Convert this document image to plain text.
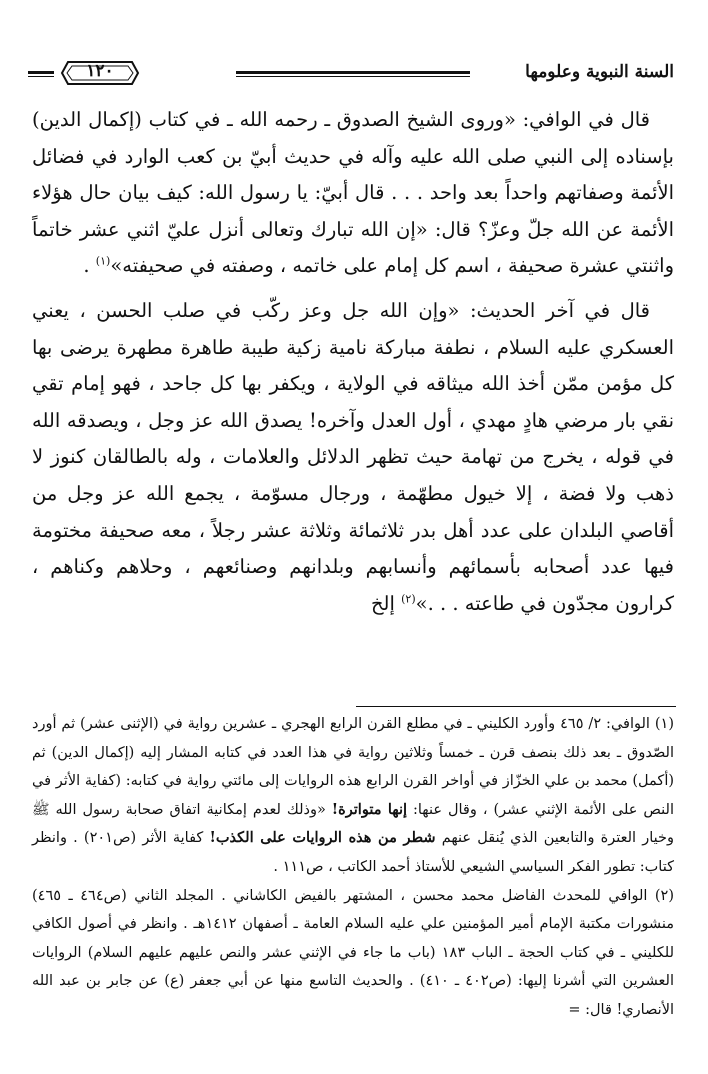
السنة النبوية وعلومها
١٢٠

قال في الوافي: «وروى الشيخ الصدوق ـ رحمه الله ـ في كتاب (إكمال الدين) بإسناده إلى النبي صلى الله عليه وآله في حديث أبيّ بن كعب الوارد في فضائل الأئمة وصفاتهم واحداً بعد واحد . . . قال أبيّ: يا رسول الله: كيف بيان حال هؤلاء الأئمة عن الله جلّ وعزّ؟ قال: «إن الله تبارك وتعالى أنزل عليّ اثني عشر خاتماً واثنتي عشرة صحيفة ، اسم كل إمام على خاتمه ، وصفته في صحيفته»$^{(١)}$ .

قال في آخر الحديث: «وإن الله جل وعز ركّب في صلب الحسن ، يعني العسكري عليه السلام ، نطفة مباركة نامية زكية طيبة طاهرة مطهرة يرضى بها كل مؤمن ممّن أخذ الله ميثاقه في الولاية ، ويكفر بها كل جاحد ، فهو إمام تقي نقي بار مرضي هادٍ مهدي ، أول العدل وآخره! يصدق الله عز وجل ، ويصدقه الله في قوله ، يخرج من تهامة حيث تظهر الدلائل والعلامات ، وله بالطالقان كنوز لا ذهب ولا فضة ، إلا خيول مطهّمة ، ورجال مسوّمة ، يجمع الله عز وجل من أقاصي البلدان على عدد أهل بدر ثلاثمائة وثلاثة عشر رجلاً ، معه صحيفة مختومة فيها عدد أصحابه بأسمائهم وأنسابهم وبلدانهم وصنائعهم ، وحلاهم وكناهم ، كرارون مجدّون في طاعته . . .»$^{(٢)}$ إلخ

(١) الوافي: ٢/ ٤٦٥ وأورد الكليني ـ في مطلع القرن الرابع الهجري ـ عشرين رواية في (الإثنى عشر) ثم أورد الصّدوق ـ بعد ذلك بنصف قرن ـ خمساً وثلاثين رواية في هذا العدد في كتابه المشار إليه (إكمال الدين) ثم (أكمل) محمد بن علي الخزّاز في أواخر القرن الرابع هذه الروايات إلى مائتي رواية في كتابه: (كفاية الأثر في النص على الأئمة الإثني عشر) ، وقال عنها: إنها متواترة! «وذلك لعدم إمكانية اتفاق صحابة رسول الله ﷺ وخيار العترة والتابعين الذي يُنقل عنهم شطر من هذه الروايات على الكذب! كفاية الأثر (ص٢٠١) . وانظر كتاب: تطور الفكر السياسي الشيعي للأستاذ أحمد الكاتب ، ص١١١ .

(٢) الوافي للمحدث الفاضل محمد محسن ، المشتهر بالفيض الكاشاني . المجلد الثاني (ص٤٦٤ ـ ٤٦٥) منشورات مكتبة الإمام أمير المؤمنين علي عليه السلام العامة ـ أصفهان ١٤١٢هـ . وانظر في أصول الكافي للكليني ـ في كتاب الحجة ـ الباب ١٨٣ (باب ما جاء في الإثني عشر والنص عليهم عليهم السلام) الروايات العشرين التي أشرنا إليها: (ص٤٠٢ ـ ٤١٠) . والحديث التاسع منها عن أبي جعفر (ع) عن جابر بن عبد الله الأنصاري! قال: =
